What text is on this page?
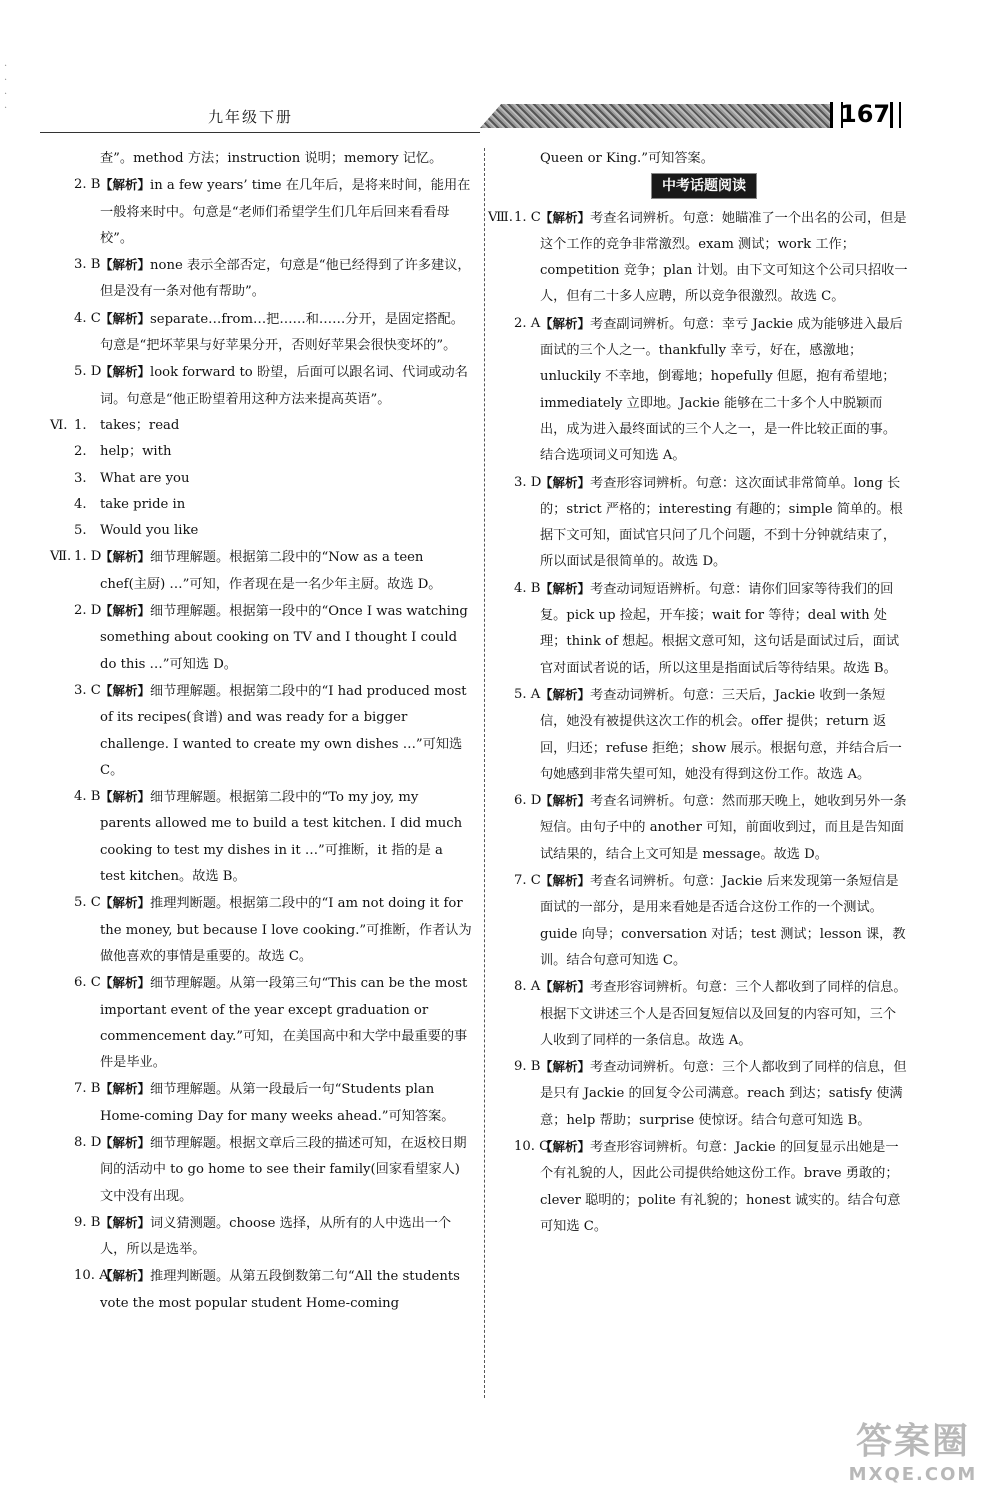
·
·
·
·	九年级下册	167
查”。method 方法；instruction 说明；memory 记忆。
2. B 【解析】in a few years’ time 在几年后，是将来时间，能用在一般将来时中。句意是“老师们希望学生们几年后回来看看母校”。
3. B 【解析】none 表示全部否定，句意是“他已经得到了许多建议，但是没有一条对他有帮助”。
4. C 【解析】separate…from…把……和……分开，是固定搭配。句意是“把坏苹果与好苹果分开，否则好苹果会很快变坏的”。
5. D
【解析】look forward to 盼望，后面可以跟名词、代词或动名词。句意是“他正盼望着用这种方法来提高英语”。
Ⅵ. 1. takes；read
2. help；with
3. What are you
4. take pride in
5. Would you like
Ⅶ. 1. D
【解析】细节理解题。根据第二段中的“Now as a teen chef(主厨) …”可知，作者现在是一名少年主厨。故选 D。
2. D
【解析】细节理解题。根据第一段中的“Once I was watching something about cooking on TV and I thought I could do this …”可知选 D。
3. C 【解析】细节理解题。根据第二段中的“I had produced most of its recipes(食谱) and was ready for a bigger challenge. I wanted to create my own dishes …”可知选 C。
4. B 【解析】细节理解题。根据第二段中的“To my joy, my parents allowed me to build a test kitchen. I did much cooking to test my dishes in it …”可推断，it 指的是 a test kitchen。故选 B。
5. C 【解析】推理判断题。根据第二段中的“I am not doing it for the money, but because I love cooking.”可推断，作者认为做他喜欢的事情是重要的。故选 C。
6. C 【解析】细节理解题。从第一段第三句“This can be the most important event of the year except graduation or commencement day.”可知，在美国高中和大学中最重要的事件是毕业。
7. B 【解析】细节理解题。从第一段最后一句“Students plan Home-coming Day for many weeks ahead.”可知答案。
8. D
【解析】细节理解题。根据文章后三段的描述可知，在返校日期间的活动中 to go home to see their family(回家看望家人)文中没有出现。
9. B 【解析】词义猜测题。choose 选择，从所有的人中选出一个人，所以是选举。
10. A
【解析】推理判断题。从第五段倒数第二句“All the students vote the most popular student Home-coming
Queen or King.”可知答案。
中考话题阅读
Ⅷ. 1. C 【解析】考查名词辨析。句意：她瞄准了一个出名的公司，但是这个工作的竞争非常激烈。exam 测试；work 工作；competition 竞争；plan 计划。由下文可知这个公司只招收一人，但有二十多人应聘，所以竞争很激烈。故选 C。
2. A 【解析】考查副词辨析。句意：幸亏 Jackie 成为能够进入最后面试的三个人之一。thankfully 幸亏，好在，感激地；unluckily 不幸地，倒霉地；hopefully 但愿，抱有希望地；immediately 立即地。Jackie 能够在二十多个人中脱颖而出，成为进入最终面试的三个人之一，是一件比较正面的事。结合选项词义可知选 A。
3. D
【解析】考查形容词辨析。句意：这次面试非常简单。long 长的；strict 严格的；interesting 有趣的；simple 简单的。根据下文可知，面试官只问了几个问题，不到十分钟就结束了，所以面试是很简单的。故选 D。
4. B 【解析】考查动词短语辨析。句意：请你们回家等待我们的回复。pick up 捡起，开车接；wait for 等待；deal with 处理；think of 想起。根据文意可知，这句话是面试过后，面试官对面试者说的话，所以这里是指面试后等待结果。故选 B。
5. A 【解析】考查动词辨析。句意：三天后，Jackie 收到一条短信，她没有被提供这次工作的机会。offer 提供；return 返回，归还；refuse 拒绝；show 展示。根据句意，并结合后一句她感到非常失望可知，她没有得到这份工作。故选 A。
6. D
【解析】考查名词辨析。句意：然而那天晚上，她收到另外一条短信。由句子中的 another 可知，前面收到过，而且是告知面试结果的，结合上文可知是 message。故选 D。
7. C 【解析】考查名词辨析。句意：Jackie 后来发现第一条短信是面试的一部分，是用来看她是否适合这份工作的一个测试。guide 向导；conversation 对话；test 测试；lesson 课，教训。结合句意可知选 C。
8. A 【解析】考查形容词辨析。句意：三个人都收到了同样的信息。根据下文讲述三个人是否回复短信以及回复的内容可知，三个人收到了同样的一条信息。故选 A。
9. B 【解析】考查动词辨析。句意：三个人都收到了同样的信息，但是只有 Jackie 的回复令公司满意。reach 到达；satisfy 使满意；help 帮助；surprise 使惊讶。结合句意可知选 B。
10. C
【解析】考查形容词辨析。句意：Jackie 的回复显示出她是一个有礼貌的人，因此公司提供给她这份工作。brave 勇敢的；clever 聪明的；polite 有礼貌的；honest 诚实的。结合句意可知选 C。
答案圈
MXQE.COM
